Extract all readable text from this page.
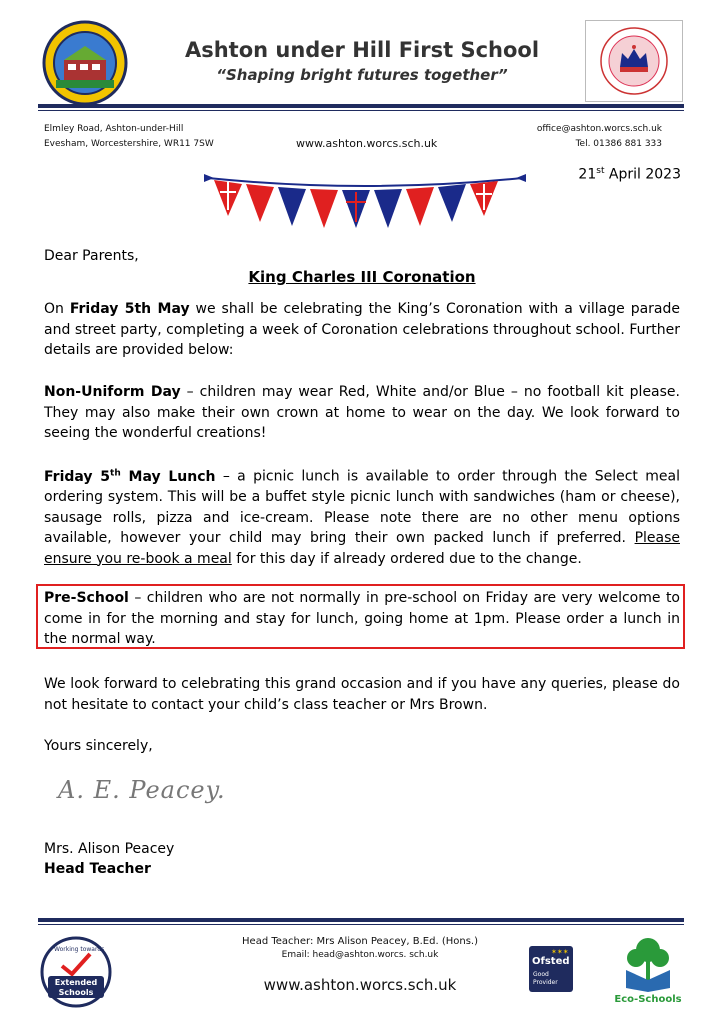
Ashton under Hill First School
“Shaping bright futures together”
Elmley Road, Ashton-under-Hill
Evesham, Worcestershire, WR11 7SW	www.ashton.worcs.sch.uk
office@ashton.worcs.sch.uk
Tel. 01386 881 333
21st April 2023
Dear Parents,
King Charles III Coronation
On Friday 5th May we shall be celebrating the King’s Coronation with a village parade and street party, completing a week of Coronation celebrations throughout school. Further details are provided below:
Non-Uniform Day – children may wear Red, White and/or Blue – no football kit please. They may also make their own crown at home to wear on the day. We look forward to seeing the wonderful creations!
Friday 5th May Lunch – a picnic lunch is available to order through the Select meal ordering system. This will be a buffet style picnic lunch with sandwiches (ham or cheese), sausage rolls, pizza and ice-cream. Please note there are no other menu options available, however your child may bring their own packed lunch if preferred. Please ensure you re-book a meal for this day if already ordered due to the change.
Pre-School – children who are not normally in pre-school on Friday are very welcome to come in for the morning and stay for lunch, going home at 1pm. Please order a lunch in the normal way.
We look forward to celebrating this grand occasion and if you have any queries, please do not hesitate to contact your child’s class teacher or Mrs Brown.
Yours sincerely,
A. E. Peacey.
Mrs. Alison Peacey
Head Teacher
Working towards
Extended
Schools
Head Teacher: Mrs Alison Peacey, B.Ed. (Hons.)
Email: head@ashton.worcs. sch.uk
www.ashton.worcs.sch.uk
✶✶✶
Ofsted
Good
Provider
Eco-Schools
